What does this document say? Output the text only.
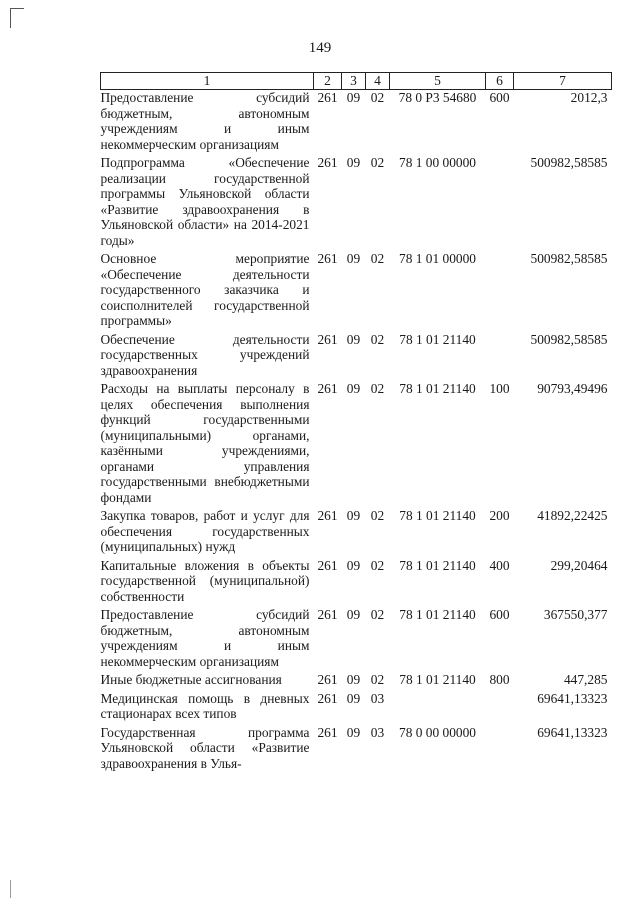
149
1	2	3	4	5	6	7
Предоставление субсидий бюджетным, автономным учреждениям и иным некоммерческим организациям	261	09	02	78 0 Р3 54680	600	2012,3
Подпрограмма «Обеспечение реализации государственной программы Ульяновской области «Развитие здравоохранения в Ульяновской области» на 2014-2021 годы»	261	09	02	78 1 00 00000		500982,58585
Основное мероприятие «Обеспечение деятельности государственного заказчика и соисполнителей государственной программы»	261	09	02	78 1 01 00000		500982,58585
Обеспечение деятельности государственных учреждений здравоохранения	261	09	02	78 1 01 21140		500982,58585
Расходы на выплаты персоналу в целях обеспечения выполнения функций государственными (муниципальными) органами, казёнными учреждениями, органами управления государственными внебюджетными фондами	261	09	02	78 1 01 21140	100	90793,49496
Закупка товаров, работ и услуг для обеспечения государственных (муниципальных) нужд	261	09	02	78 1 01 21140	200	41892,22425
Капитальные вложения в объекты государственной (муниципальной) собственности	261	09	02	78 1 01 21140	400	299,20464
Предоставление субсидий бюджетным, автономным учреждениям и иным некоммерческим организациям	261	09	02	78 1 01 21140	600	367550,377
Иные бюджетные ассигнования	261	09	02	78 1 01 21140	800	447,285
Медицинская помощь в дневных стационарах всех типов	261	09	03			69641,13323
Государственная программа Ульяновской области «Развитие здравоохранения в Улья-	261	09	03	78 0 00 00000		69641,13323
